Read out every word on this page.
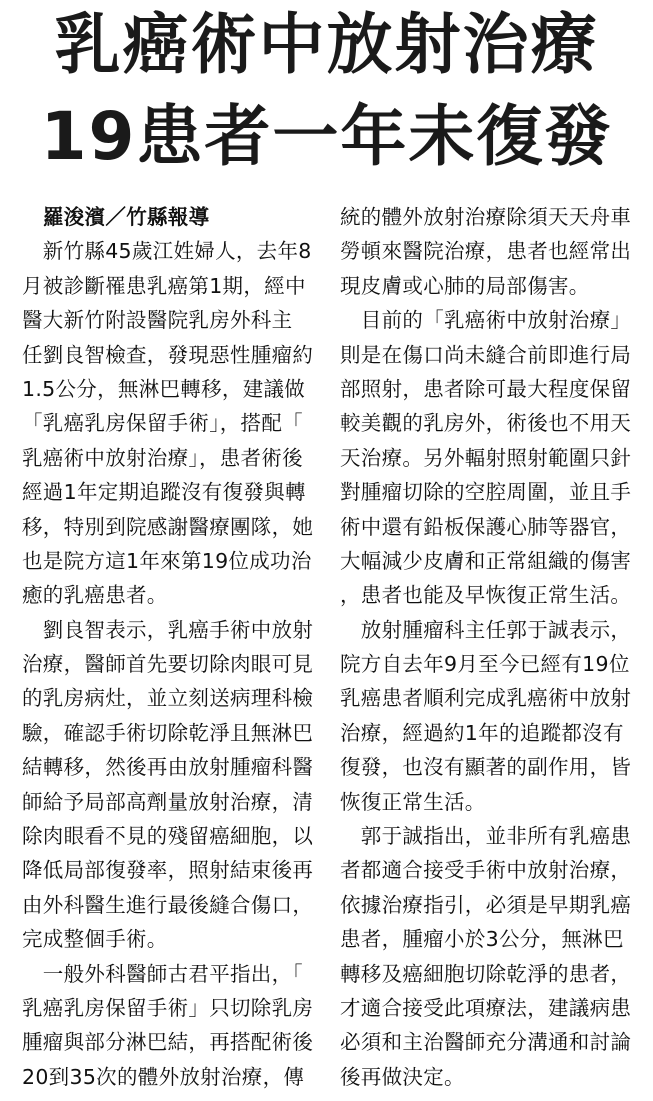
乳癌術中放射治療
19患者一年未復發
羅浚濱／竹縣報導
　新竹縣45歲江姓婦人，去年8
月被診斷罹患乳癌第1期，經中
醫大新竹附設醫院乳房外科主
任劉良智檢查，發現惡性腫瘤約
1.5公分，無淋巴轉移，建議做
「乳癌乳房保留手術」，搭配「
乳癌術中放射治療」，患者術後
經過1年定期追蹤沒有復發與轉
移，特別到院感謝醫療團隊，她
也是院方這1年來第19位成功治
癒的乳癌患者。
　劉良智表示，乳癌手術中放射
治療，醫師首先要切除肉眼可見
的乳房病灶，並立刻送病理科檢
驗，確認手術切除乾淨且無淋巴
結轉移，然後再由放射腫瘤科醫
師給予局部高劑量放射治療，清
除肉眼看不見的殘留癌細胞，以
降低局部復發率，照射結束後再
由外科醫生進行最後縫合傷口，
完成整個手術。
　一般外科醫師古君平指出，「
乳癌乳房保留手術」只切除乳房
腫瘤與部分淋巴結，再搭配術後
20到35次的體外放射治療，傳
統的體外放射治療除須天天舟車
勞頓來醫院治療，患者也經常出
現皮膚或心肺的局部傷害。
　目前的「乳癌術中放射治療」
則是在傷口尚未縫合前即進行局
部照射，患者除可最大程度保留
較美觀的乳房外，術後也不用天
天治療。另外輻射照射範圍只針
對腫瘤切除的空腔周圍，並且手
術中還有鉛板保護心肺等器官，
大幅減少皮膚和正常組織的傷害
，患者也能及早恢復正常生活。
　放射腫瘤科主任郭于誠表示，
院方自去年9月至今已經有19位
乳癌患者順利完成乳癌術中放射
治療，經過約1年的追蹤都沒有
復發，也沒有顯著的副作用，皆
恢復正常生活。
　郭于誠指出，並非所有乳癌患
者都適合接受手術中放射治療，
依據治療指引，必須是早期乳癌
患者，腫瘤小於3公分，無淋巴
轉移及癌細胞切除乾淨的患者，
才適合接受此項療法，建議病患
必須和主治醫師充分溝通和討論
後再做決定。
